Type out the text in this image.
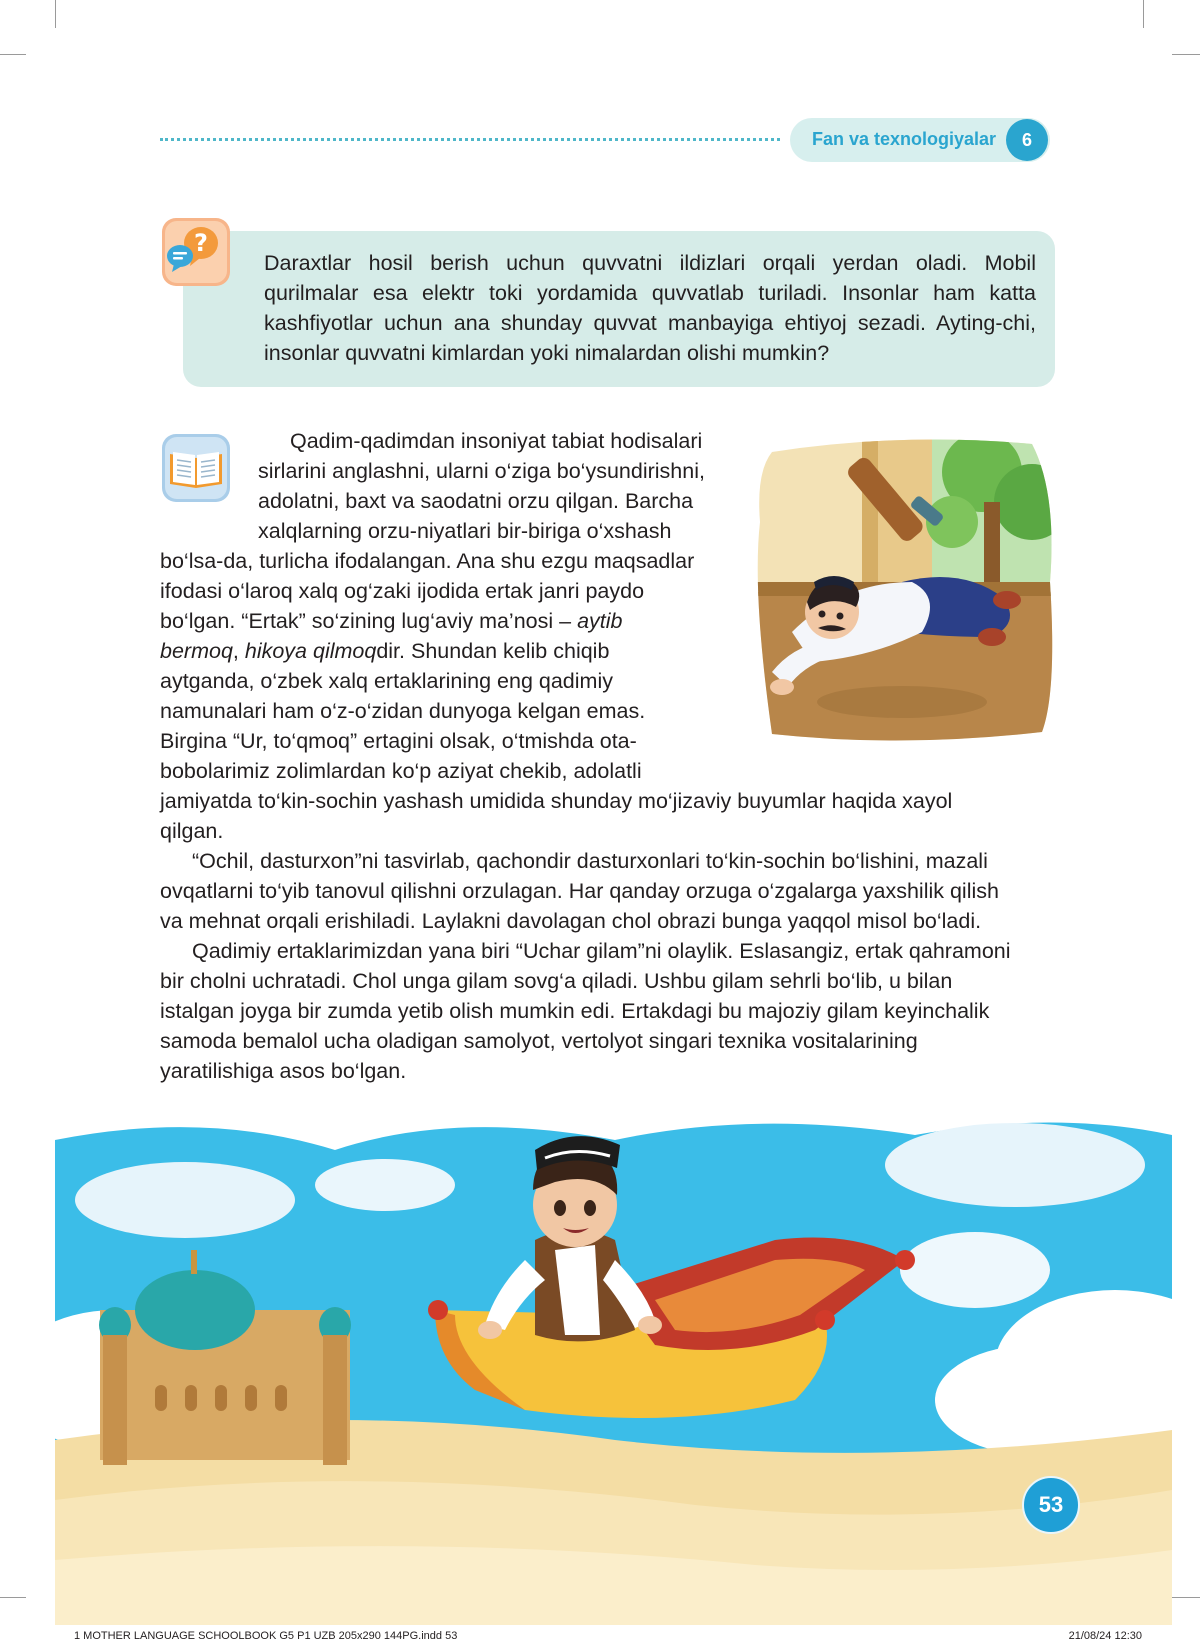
Fan va texnologiyalar	6
?
Daraxtlar hosil berish uchun quvvatni ildizlari orqali yerdan oladi. Mobil
qurilmalar esa elektr toki yordamida quvvatlab turiladi. Insonlar ham katta
kashfiyotlar uchun ana shunday quvvat manbayiga ehtiyoj sezadi. Ayting-chi,
insonlar quvvatni kimlardan yoki nimalardan olishi mumkin?
Qadim-qadimdan insoniyat tabiat hodisalari
sirlarini anglashni, ularni o‘ziga bo‘ysundirishni,
adolatni, baxt va saodatni orzu qilgan. Barcha
xalqlarning orzu-niyatlari bir-biriga o‘xshash
bo‘lsa-da, turlicha ifodalangan. Ana shu ezgu maqsadlar
ifodasi o‘laroq xalq og‘zaki ijodida ertak janri paydo
bo‘lgan. “Ertak” so‘zining lug‘aviy ma’nosi – aytib
bermoq, hikoya qilmoqdir. Shundan kelib chiqib
aytganda, o‘zbek xalq ertaklarining eng qadimiy
namunalari ham o‘z-o‘zidan dunyoga kelgan emas.
Birgina “Ur, to‘qmoq” ertagini olsak, o‘tmishda ota-
bobolarimiz zolimlardan ko‘p aziyat chekib, adolatli
jamiyatda to‘kin-sochin yashash umidida shunday mo‘jizaviy buyumlar haqida xayol
qilgan.
“Ochil, dasturxon”ni tasvirlab, qachondir dasturxonlari to‘kin-sochin bo‘lishini, mazali
ovqatlarni to‘yib tanovul qilishni orzulagan. Har qanday orzuga o‘zgalarga yaxshilik qilish
va mehnat orqali erishiladi. Laylakni davolagan chol obrazi bunga yaqqol misol bo‘ladi.
Qadimiy ertaklarimizdan yana biri “Uchar gilam”ni olaylik. Eslasangiz, ertak qahramoni
bir cholni uchratadi. Chol unga gilam sovg‘a qiladi. Ushbu gilam sehrli bo‘lib, u bilan
istalgan joyga bir zumda yetib olish mumkin edi. Ertakdagi bu majoziy gilam keyinchalik
samoda bemalol ucha oladigan samolyot, vertolyot singari texnika vositalarining
yaratilishiga asos bo‘lgan.
53
1 MOTHER LANGUAGE SCHOOLBOOK G5 P1 UZB 205x290 144PG.indd 53	21/08/24 12:30
